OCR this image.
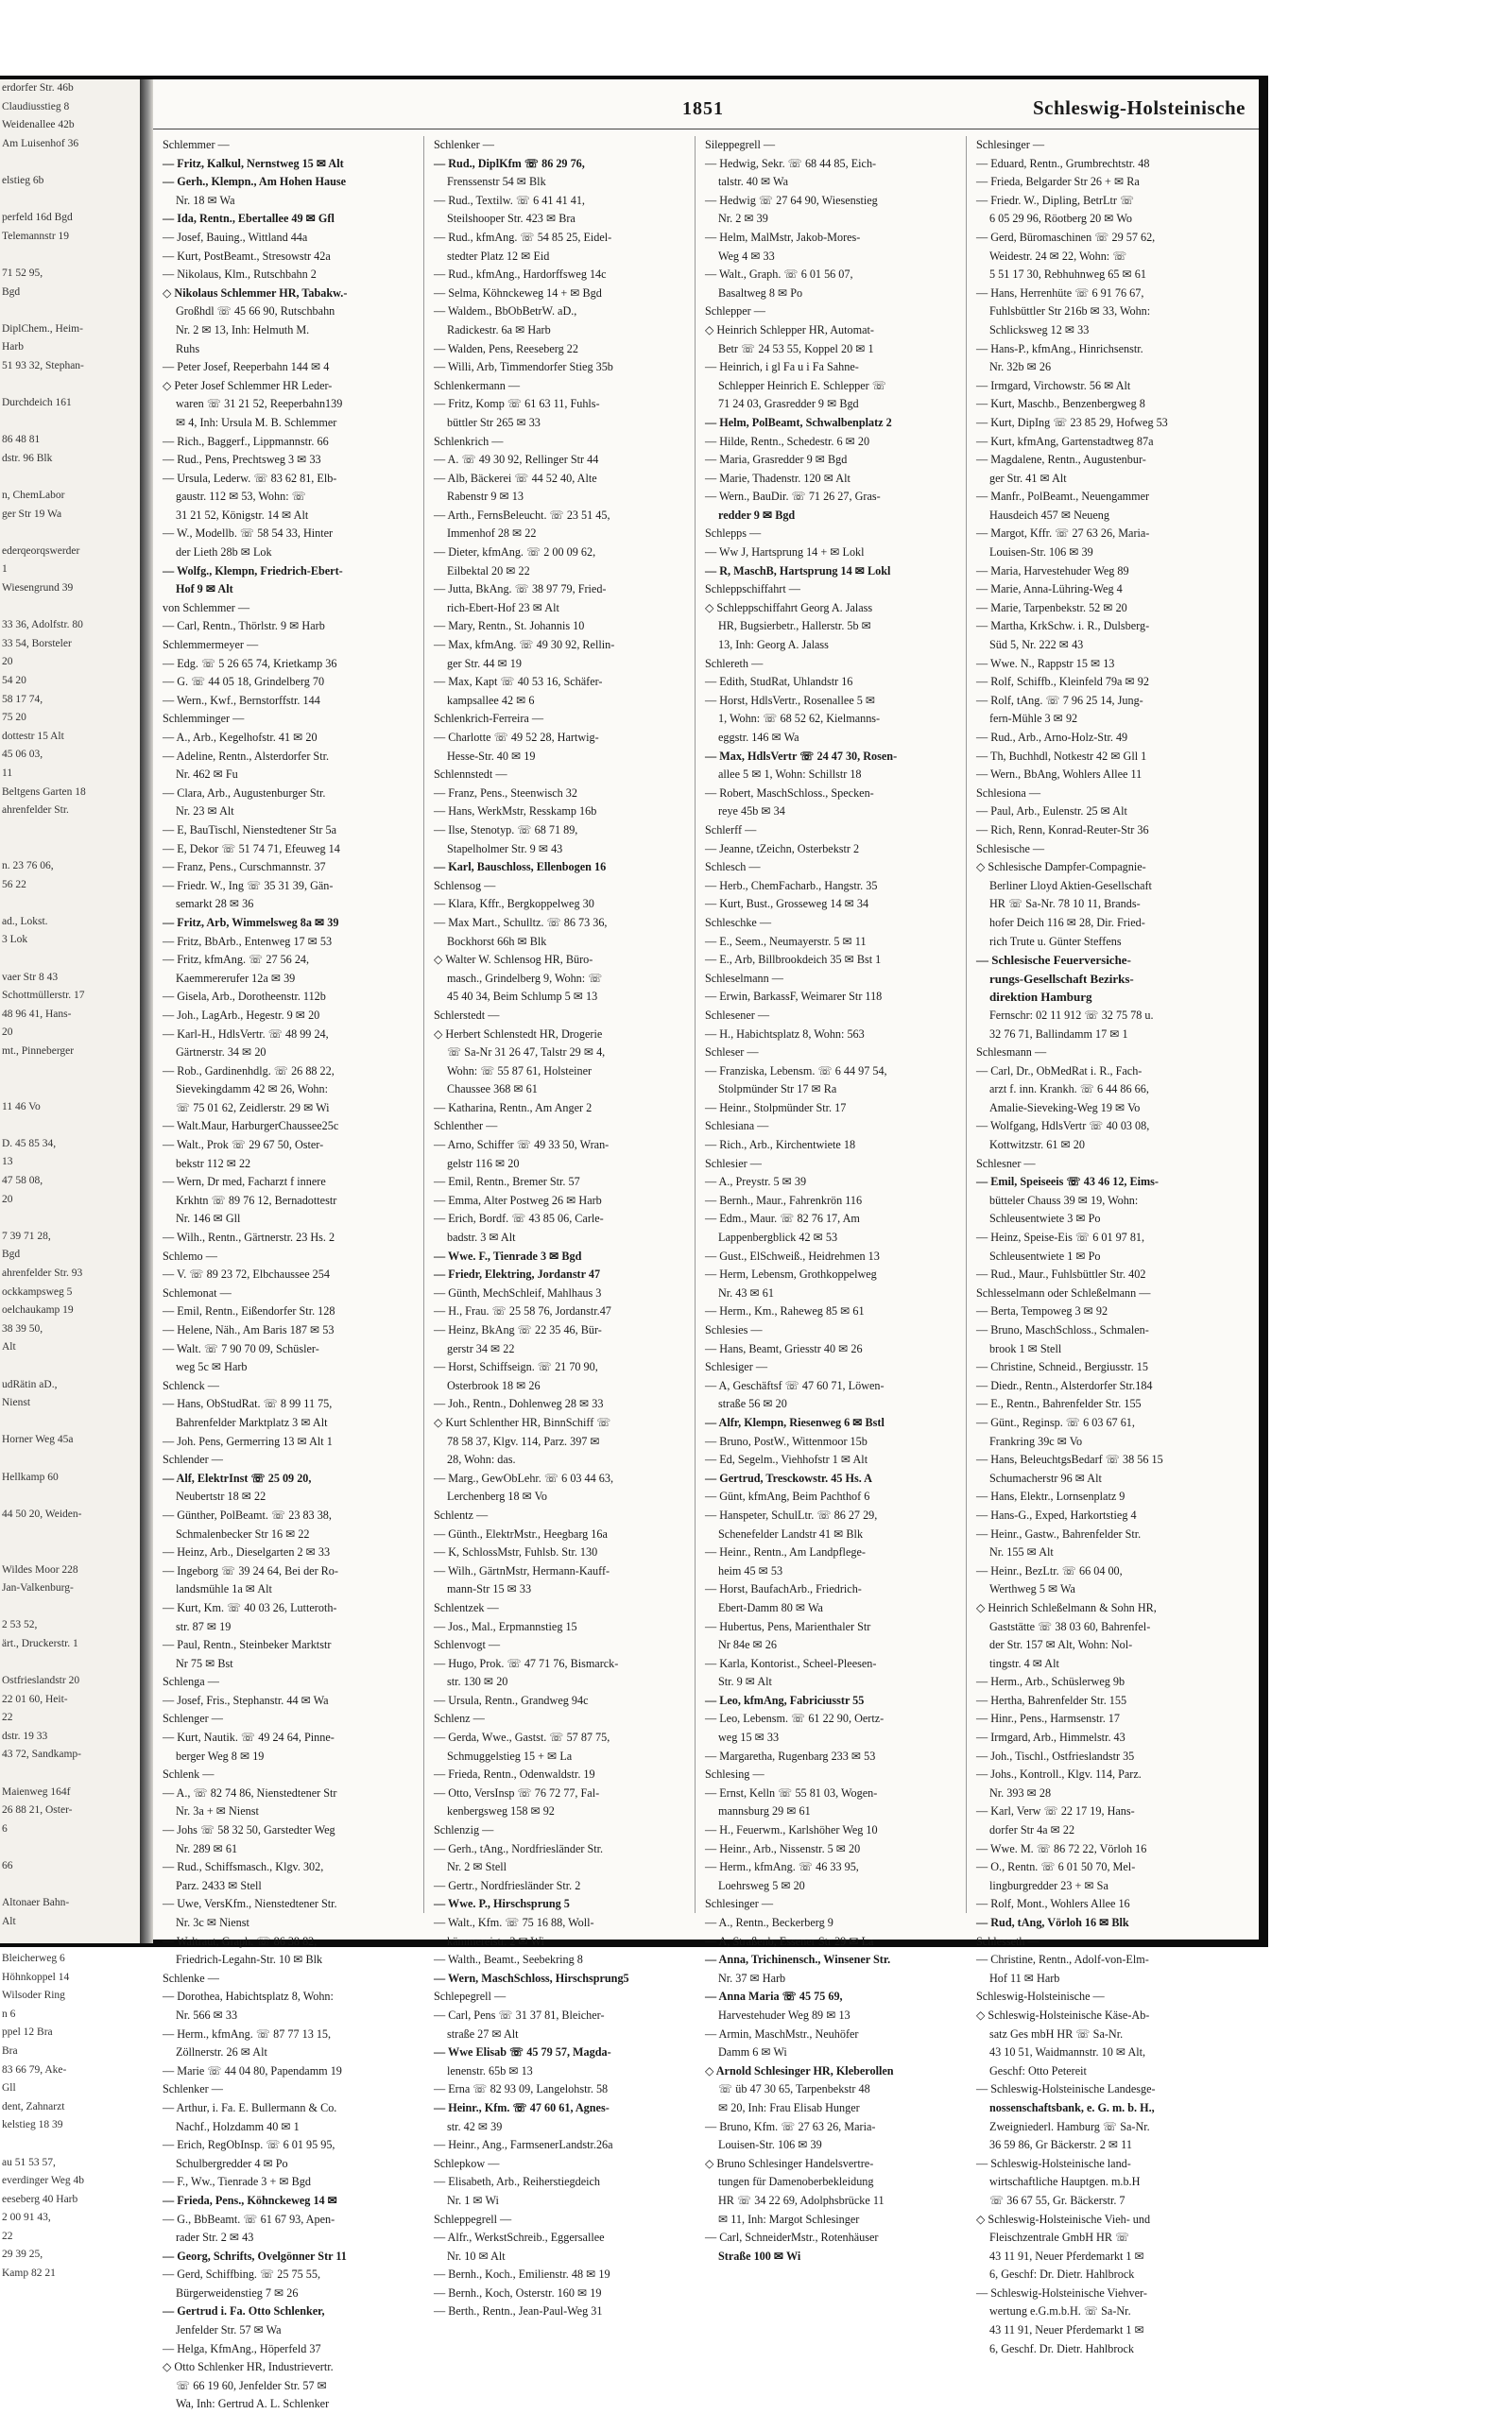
erdorfer Str. 46b
Claudiusstieg 8
Weidenallee 42b
Am Luisenhof 36

elstieg 6b

perfeld 16d Bgd
Telemannstr 19

71 52 95,
Bgd

DiplChem., Heim-
Harb
51 93 32, Stephan-

Durchdeich 161

86 48 81
dstr. 96 Blk

n, ChemLabor
ger Str 19 Wa

ederqeorqswerder
1
Wiesengrund 39

33 36, Adolfstr. 80
33 54, Borsteler
20
54 20
58 17 74,
75 20
dottestr 15 Alt
45 06 03,
11
Beltgens Garten 18
ahrenfelder Str.

n. 23 76 06,
56 22

ad., Lokst.
3 Lok

vaer Str 8 43
Schottmüllerstr. 17
48 96 41, Hans-
20
mt., Pinneberger

11 46 Vo

D. 45 85 34,
13
47 58 08,
20

7 39 71 28,
Bgd
ahrenfelder Str. 93
ockkampsweg 5
oelchaukamp 19
38 39 50,
Alt

udRätin aD.,
Nienst

Horner Weg 45a

Hellkamp 60

44 50 20, Weiden-

Wildes Moor 228
Jan-Valkenburg-

2 53 52,
ärt., Druckerstr. 1

Ostfrieslandstr 20
22 01 60, Heit-
22
dstr. 19 33
43 72, Sandkamp-

Maienweg 164f
26 88 21, Oster-
6

66

Altonaer Bahn-
Alt

Bleicherweg 6
Höhnkoppel 14
Wilsoder Ring
n 6
ppel 12 Bra
Bra
83 66 79, Ake-
Gll
dent, Zahnarzt
kelstieg 18 39

au 51 53 57,
everdinger Weg 4b
eeseberg 40 Harb
2 00 91 43,
22
29 39 25,
Kamp 82 21
1851	Schleswig-Holsteinische
Schlemmer —
— Fritz, Kalkul, Nernstweg 15 ✉ Alt
— Gerh., Klempn., Am Hohen Hause
Nr. 18 ✉ Wa
— Ida, Rentn., Ebertallee 49 ✉ Gfl
— Josef, Bauing., Wittland 44a
— Kurt, PostBeamt., Stresowstr 42a
— Nikolaus, Klm., Rutschbahn 2
◇ Nikolaus Schlemmer HR, Tabakw.-
Großhdl ☏ 45 66 90, Rutschbahn
Nr. 2 ✉ 13, Inh: Helmuth M.
Ruhs
— Peter Josef, Reeperbahn 144 ✉ 4
◇ Peter Josef Schlemmer HR Leder-
waren ☏ 31 21 52, Reeperbahn139
✉ 4, Inh: Ursula M. B. Schlemmer
— Rich., Baggerf., Lippmannstr. 66
— Rud., Pens, Prechtsweg 3 ✉ 33
— Ursula, Lederw. ☏ 83 62 81, Elb-
gaustr. 112 ✉ 53, Wohn: ☏
31 21 52, Königstr. 14 ✉ Alt
— W., Modellb. ☏ 58 54 33, Hinter
der Lieth 28b ✉ Lok
— Wolfg., Klempn, Friedrich-Ebert-
Hof 9 ✉ Alt
von Schlemmer —
— Carl, Rentn., Thörlstr. 9 ✉ Harb
Schlemmermeyer —
— Edg. ☏ 5 26 65 74, Krietkamp 36
— G. ☏ 44 05 18, Grindelberg 70
— Wern., Kwf., Bernstorffstr. 144
Schlemminger —
— A., Arb., Kegelhofstr. 41 ✉ 20
— Adeline, Rentn., Alsterdorfer Str.
Nr. 462 ✉ Fu
— Clara, Arb., Augustenburger Str.
Nr. 23 ✉ Alt
— E, BauTischl, Nienstedtener Str 5a
— E, Dekor ☏ 51 74 71, Efeuweg 14
— Franz, Pens., Curschmannstr. 37
— Friedr. W., Ing ☏ 35 31 39, Gän-
semarkt 28 ✉ 36
— Fritz, Arb, Wimmelsweg 8a ✉ 39
— Fritz, BbArb., Entenweg 17 ✉ 53
— Fritz, kfmAng. ☏ 27 56 24,
Kaemmererufer 12a ✉ 39
— Gisela, Arb., Dorotheenstr. 112b
— Joh., LagArb., Hegestr. 9 ✉ 20
— Karl-H., HdlsVertr. ☏ 48 99 24,
Gärtnerstr. 34 ✉ 20
— Rob., Gardinenhdlg. ☏ 26 88 22,
Sievekingdamm 42 ✉ 26, Wohn:
☏ 75 01 62, Zeidlerstr. 29 ✉ Wi
— Walt.Maur, HarburgerChaussee25c
— Walt., Prok ☏ 29 67 50, Oster-
bekstr 112 ✉ 22
— Wern, Dr med, Facharzt f innere
Krkhtn ☏ 89 76 12, Bernadottestr
Nr. 146 ✉ Gll
— Wilh., Rentn., Gärtnerstr. 23 Hs. 2
Schlemo —
— V. ☏ 89 23 72, Elbchaussee 254
Schlemonat —
— Emil, Rentn., Eißendorfer Str. 128
— Helene, Näh., Am Baris 187 ✉ 53
— Walt. ☏ 7 90 70 09, Schüsler-
weg 5c ✉ Harb
Schlenck —
— Hans, ObStudRat. ☏ 8 99 11 75,
Bahrenfelder Marktplatz 3 ✉ Alt
— Joh. Pens, Germerring 13 ✉ Alt 1
Schlender —
— Alf, ElektrInst ☏ 25 09 20,
Neubertstr 18 ✉ 22
— Günther, PolBeamt. ☏ 23 83 38,
Schmalenbecker Str 16 ✉ 22
— Heinz, Arb., Dieselgarten 2 ✉ 33
— Ingeborg ☏ 39 24 64, Bei der Ro-
landsmühle 1a ✉ Alt
— Kurt, Km. ☏ 40 03 26, Lutteroth-
str. 87 ✉ 19
— Paul, Rentn., Steinbeker Marktstr
Nr 75 ✉ Bst
Schlenga —
— Josef, Fris., Stephanstr. 44 ✉ Wa
Schlenger —
— Kurt, Nautik. ☏ 49 24 64, Pinne-
berger Weg 8 ✉ 19
Schlenk —
— A., ☏ 82 74 86, Nienstedtener Str
Nr. 3a + ✉ Nienst
— Johs ☏ 58 32 50, Garstedter Weg
Nr. 289 ✉ 61
— Rud., Schiffsmasch., Klgv. 302,
Parz. 2433 ✉ Stell
— Uwe, VersKfm., Nienstedtener Str.
Nr. 3c ✉ Nienst
— Waltraut, Graph. ☏ 86 38 82,
Friedrich-Legahn-Str. 10 ✉ Blk
Schlenke —
— Dorothea, Habichtsplatz 8, Wohn:
Nr. 566 ✉ 33
— Herm., kfmAng. ☏ 87 77 13 15,
Zöllnerstr. 26 ✉ Alt
— Marie ☏ 44 04 80, Papendamm 19
Schlenker —
— Arthur, i. Fa. E. Bullermann & Co.
Nachf., Holzdamm 40 ✉ 1
— Erich, RegObInsp. ☏ 6 01 95 95,
Schulbergredder 4 ✉ Po
— F., Ww., Tienrade 3 + ✉ Bgd
— Frieda, Pens., Köhnckeweg 14 ✉
— G., BbBeamt. ☏ 61 67 93, Apen-
rader Str. 2 ✉ 43
— Georg, Schrifts, Ovelgönner Str 11
— Gerd, Schiffbing. ☏ 25 75 55,
Bürgerweidenstieg 7 ✉ 26
— Gertrud i. Fa. Otto Schlenker,
Jenfelder Str. 57 ✉ Wa
— Helga, KfmAng., Höperfeld 37
◇ Otto Schlenker HR, Industrievertr.
☏ 66 19 60, Jenfelder Str. 57 ✉
Wa, Inh: Gertrud A. L. Schlenker
Schlenker —
— Rud., DiplKfm ☏ 86 29 76,
Frenssenstr 54 ✉ Blk
— Rud., Textilw. ☏ 6 41 41 41,
Steilshooper Str. 423 ✉ Bra
— Rud., kfmAng. ☏ 54 85 25, Eidel-
stedter Platz 12 ✉ Eid
— Rud., kfmAng., Hardorffsweg 14c
— Selma, Köhnckeweg 14 + ✉ Bgd
— Waldem., BbObBetrW. aD.,
Radickestr. 6a ✉ Harb
— Walden, Pens, Reeseberg 22
— Willi, Arb, Timmendorfer Stieg 35b
Schlenkermann —
— Fritz, Komp ☏ 61 63 11, Fuhls-
büttler Str 265 ✉ 33
Schlenkrich —
— A. ☏ 49 30 92, Rellinger Str 44
— Alb, Bäckerei ☏ 44 52 40, Alte
Rabenstr 9 ✉ 13
— Arth., FernsBeleucht. ☏ 23 51 45,
Immenhof 28 ✉ 22
— Dieter, kfmAng. ☏ 2 00 09 62,
Eilbektal 20 ✉ 22
— Jutta, BkAng. ☏ 38 97 79, Fried-
rich-Ebert-Hof 23 ✉ Alt
— Mary, Rentn., St. Johannis 10
— Max, kfmAng. ☏ 49 30 92, Rellin-
ger Str. 44 ✉ 19
— Max, Kapt ☏ 40 53 16, Schäfer-
kampsallee 42 ✉ 6
Schlenkrich-Ferreira —
— Charlotte ☏ 49 52 28, Hartwig-
Hesse-Str. 40 ✉ 19
Schlennstedt —
— Franz, Pens., Steenwisch 32
— Hans, WerkMstr, Resskamp 16b
— Ilse, Stenotyp. ☏ 68 71 89,
Stapelholmer Str. 9 ✉ 43
— Karl, Bauschloss, Ellenbogen 16
Schlensog —
— Klara, Kffr., Bergkoppelweg 30
— Max Mart., Schulltz. ☏ 86 73 36,
Bockhorst 66h ✉ Blk
◇ Walter W. Schlensog HR, Büro-
masch., Grindelberg 9, Wohn: ☏
45 40 34, Beim Schlump 5 ✉ 13
Schlerstedt —
◇ Herbert Schlenstedt HR, Drogerie
☏ Sa-Nr 31 26 47, Talstr 29 ✉ 4,
Wohn: ☏ 55 87 61, Holsteiner
Chaussee 368 ✉ 61
— Katharina, Rentn., Am Anger 2
Schlenther —
— Arno, Schiffer ☏ 49 33 50, Wran-
gelstr 116 ✉ 20
— Emil, Rentn., Bremer Str. 57
— Emma, Alter Postweg 26 ✉ Harb
— Erich, Bordf. ☏ 43 85 06, Carle-
badstr. 3 ✉ Alt
— Wwe. F., Tienrade 3 ✉ Bgd
— Friedr, Elektring, Jordanstr 47
— Günth, MechSchleif, Mahlhaus 3
— H., Frau. ☏ 25 58 76, Jordanstr.47
— Heinz, BkAng ☏ 22 35 46, Bür-
gerstr 34 ✉ 22
— Horst, Schiffseign. ☏ 21 70 90,
Osterbrook 18 ✉ 26
— Joh., Rentn., Dohlenweg 28 ✉ 33
◇ Kurt Schlenther HR, BinnSchiff ☏
78 58 37, Klgv. 114, Parz. 397 ✉
28, Wohn: das.
— Marg., GewObLehr. ☏ 6 03 44 63,
Lerchenberg 18 ✉ Vo
Schlentz —
— Günth., ElektrMstr., Heegbarg 16a
— K, SchlossMstr, Fuhlsb. Str. 130
— Wilh., GärtnMstr, Hermann-Kauff-
mann-Str 15 ✉ 33
Schlentzek —
— Jos., Mal., Erpmannstieg 15
Schlenvogt —
— Hugo, Prok. ☏ 47 71 76, Bismarck-
str. 130 ✉ 20
— Ursula, Rentn., Grandweg 94c
Schlenz —
— Gerda, Wwe., Gastst. ☏ 57 87 75,
Schmuggelstieg 15 + ✉ La
— Frieda, Rentn., Odenwaldstr. 19
— Otto, VersInsp ☏ 76 72 77, Fal-
kenbergsweg 158 ✉ 92
Schlenzig —
— Gerh., tAng., Nordfriesländer Str.
Nr. 2 ✉ Stell
— Gertr., Nordfriesländer Str. 2
— Wwe. P., Hirschsprung 5
— Walt., Kfm. ☏ 75 16 88, Woll-
kämmereistr. 2 ✉ Wi
— Walth., Beamt., Seebekring 8
— Wern, MaschSchloss, Hirschsprung5
Schlepegrell —
— Carl, Pens ☏ 31 37 81, Bleicher-
straße 27 ✉ Alt
— Wwe Elisab ☏ 45 79 57, Magda-
lenenstr. 65b ✉ 13
— Erna ☏ 82 93 09, Langelohstr. 58
— Heinr., Kfm. ☏ 47 60 61, Agnes-
str. 42 ✉ 39
— Heinr., Ang., FarmsenerLandstr.26a
Schlepkow —
— Elisabeth, Arb., Reiherstiegdeich
Nr. 1 ✉ Wi
Schleppegrell —
— Alfr., WerkstSchreib., Eggersallee
Nr. 10 ✉ Alt
— Bernh., Koch., Emilienstr. 48 ✉ 19
— Bernh., Koch, Osterstr. 160 ✉ 19
— Berth., Rentn., Jean-Paul-Weg 31
Sileppegrell —
— Hedwig, Sekr. ☏ 68 44 85, Eich-
talstr. 40 ✉ Wa
— Hedwig ☏ 27 64 90, Wiesenstieg
Nr. 2 ✉ 39
— Helm, MalMstr, Jakob-Mores-
Weg 4 ✉ 33
— Walt., Graph. ☏ 6 01 56 07,
Basaltweg 8 ✉ Po
Schlepper —
◇ Heinrich Schlepper HR, Automat-
Betr ☏ 24 53 55, Koppel 20 ✉ 1
— Heinrich, i gl Fa u i Fa Sahne-
Schlepper Heinrich E. Schlepper ☏
71 24 03, Grasredder 9 ✉ Bgd
— Helm, PolBeamt, Schwalbenplatz 2
— Hilde, Rentn., Schedestr. 6 ✉ 20
— Maria, Grasredder 9 ✉ Bgd
— Marie, Thadenstr. 120 ✉ Alt
— Wern., BauDir. ☏ 71 26 27, Gras-
redder 9 ✉ Bgd
Schlepps —
— Ww J, Hartsprung 14 + ✉ Lokl
— R, MaschB, Hartsprung 14 ✉ Lokl
Schleppschiffahrt —
◇ Schleppschiffahrt Georg A. Jalass
HR, Bugsierbetr., Hallerstr. 5b ✉
13, Inh: Georg A. Jalass
Schlereth —
— Edith, StudRat, Uhlandstr 16
— Horst, HdlsVertr., Rosenallee 5 ✉
1, Wohn: ☏ 68 52 62, Kielmanns-
eggstr. 146 ✉ Wa
— Max, HdlsVertr ☏ 24 47 30, Rosen-
allee 5 ✉ 1, Wohn: Schillstr 18
— Robert, MaschSchloss., Specken-
reye 45b ✉ 34
Schlerff —
— Jeanne, tZeichn, Osterbekstr 2
Schlesch —
— Herb., ChemFacharb., Hangstr. 35
— Kurt, Bust., Grosseweg 14 ✉ 34
Schleschke —
— E., Seem., Neumayerstr. 5 ✉ 11
— E., Arb, Billbrookdeich 35 ✉ Bst 1
Schleselmann —
— Erwin, BarkassF, Weimarer Str 118
Schlesener —
— H., Habichtsplatz 8, Wohn: 563
Schleser —
— Franziska, Lebensm. ☏ 6 44 97 54,
Stolpmünder Str 17 ✉ Ra
— Heinr., Stolpmünder Str. 17
Schlesiana —
— Rich., Arb., Kirchentwiete 18
Schlesier —
— A., Preystr. 5 ✉ 39
— Bernh., Maur., Fahrenkrön 116
— Edm., Maur. ☏ 82 76 17, Am
Lappenbergblick 42 ✉ 53
— Gust., ElSchweiß., Heidrehmen 13
— Herm, Lebensm, Grothkoppelweg
Nr. 43 ✉ 61
— Herm., Km., Raheweg 85 ✉ 61
Schlesies —
— Hans, Beamt, Griesstr 40 ✉ 26
Schlesiger —
— A, Geschäftsf ☏ 47 60 71, Löwen-
straße 56 ✉ 20
— Alfr, Klempn, Riesenweg 6 ✉ Bstl
— Bruno, PostW., Wittenmoor 15b
— Ed, Segelm., Viehhofstr 1 ✉ Alt
— Gertrud, Tresckowstr. 45 Hs. A
— Günt, kfmAng, Beim Pachthof 6
— Hanspeter, SchulLtr. ☏ 86 27 29,
Schenefelder Landstr 41 ✉ Blk
— Heinr., Rentn., Am Landpflege-
heim 45 ✉ 53
— Horst, BaufachArb., Friedrich-
Ebert-Damm 80 ✉ Wa
— Hubertus, Pens, Marienthaler Str
Nr 84e ✉ 26
— Karla, Kontorist., Scheel-Pleesen-
Str. 9 ✉ Alt
— Leo, kfmAng, Fabriciusstr 55
— Leo, Lebensm. ☏ 61 22 90, Oertz-
weg 15 ✉ 33
— Margaretha, Rugenbarg 233 ✉ 53
Schlesing —
— Ernst, Kelln ☏ 55 81 03, Wogen-
mannsburg 29 ✉ 61
— H., Feuerwm., Karlshöher Weg 10
— Heinr., Arb., Nissenstr. 5 ✉ 20
— Herm., kfmAng. ☏ 46 33 95,
Loehrsweg 5 ✉ 20
Schlesinger —
— A., Rentn., Beckerberg 9
— A, Straßenb, Essener Str 29 ✉ La
— Anna, Trichinensch., Winsener Str.
Nr. 37 ✉ Harb
— Anna Maria ☏ 45 75 69,
Harvestehuder Weg 89 ✉ 13
— Armin, MaschMstr., Neuhöfer
Damm 6 ✉ Wi
◇ Arnold Schlesinger HR, Kleberollen
☏ üb 47 30 65, Tarpenbekstr 48
✉ 20, Inh: Frau Elisab Hunger
— Bruno, Kfm. ☏ 27 63 26, Maria-
Louisen-Str. 106 ✉ 39
◇ Bruno Schlesinger Handelsvertre-
tungen für Damenoberbekleidung
HR ☏ 34 22 69, Adolphsbrücke 11
✉ 11, Inh: Margot Schlesinger
— Carl, SchneiderMstr., Rotenhäuser
Straße 100 ✉ Wi
Schlesinger —
— Eduard, Rentn., Grumbrechtstr. 48
— Frieda, Belgarder Str 26 + ✉ Ra
— Friedr. W., Dipling, BetrLtr ☏
6 05 29 96, Röotberg 20 ✉ Wo
— Gerd, Büromaschinen ☏ 29 57 62,
Weidestr. 24 ✉ 22, Wohn: ☏
5 51 17 30, Rebhuhnweg 65 ✉ 61
— Hans, Herrenhüte ☏ 6 91 76 67,
Fuhlsbüttler Str 216b ✉ 33, Wohn:
Schlicksweg 12 ✉ 33
— Hans-P., kfmAng., Hinrichsenstr.
Nr. 32b ✉ 26
— Irmgard, Virchowstr. 56 ✉ Alt
— Kurt, Maschb., Benzenbergweg 8
— Kurt, DipIng ☏ 23 85 29, Hofweg 53
— Kurt, kfmAng, Gartenstadtweg 87a
— Magdalene, Rentn., Augustenbur-
ger Str. 41 ✉ Alt
— Manfr., PolBeamt., Neuengammer
Hausdeich 457 ✉ Neueng
— Margot, Kffr. ☏ 27 63 26, Maria-
Louisen-Str. 106 ✉ 39
— Maria, Harvestehuder Weg 89
— Marie, Anna-Lühring-Weg 4
— Marie, Tarpenbekstr. 52 ✉ 20
— Martha, KrkSchw. i. R., Dulsberg-
Süd 5, Nr. 222 ✉ 43
— Wwe. N., Rappstr 15 ✉ 13
— Rolf, Schiffb., Kleinfeld 79a ✉ 92
— Rolf, tAng. ☏ 7 96 25 14, Jung-
fern-Mühle 3 ✉ 92
— Rud., Arb., Arno-Holz-Str. 49
— Th, Buchhdl, Notkestr 42 ✉ Gll 1
— Wern., BbAng, Wohlers Allee 11
Schlesiona —
— Paul, Arb., Eulenstr. 25 ✉ Alt
— Rich, Renn, Konrad-Reuter-Str 36
Schlesische —
◇ Schlesische Dampfer-Compagnie-
Berliner Lloyd Aktien-Gesellschaft
HR ☏ Sa-Nr. 78 10 11, Brands-
hofer Deich 116 ✉ 28, Dir. Fried-
rich Trute u. Günter Steffens
— Schlesische Feuerversiche-
rungs-Gesellschaft Bezirks-
direktion Hamburg
Fernschr: 02 11 912 ☏ 32 75 78 u.
32 76 71, Ballindamm 17 ✉ 1
Schlesmann —
— Carl, Dr., ObMedRat i. R., Fach-
arzt f. inn. Krankh. ☏ 6 44 86 66,
Amalie-Sieveking-Weg 19 ✉ Vo
— Wolfgang, HdlsVertr ☏ 40 03 08,
Kottwitzstr. 61 ✉ 20
Schlesner —
— Emil, Speiseeis ☏ 43 46 12, Eims-
bütteler Chauss 39 ✉ 19, Wohn:
Schleusentwiete 3 ✉ Po
— Heinz, Speise-Eis ☏ 6 01 97 81,
Schleusentwiete 1 ✉ Po
— Rud., Maur., Fuhlsbüttler Str. 402
Schlesselmann oder Schleßelmann —
— Berta, Tempoweg 3 ✉ 92
— Bruno, MaschSchloss., Schmalen-
brook 1 ✉ Stell
— Christine, Schneid., Bergiusstr. 15
— Diedr., Rentn., Alsterdorfer Str.184
— E., Rentn., Bahrenfelder Str. 155
— Günt., Reginsp. ☏ 6 03 67 61,
Frankring 39c ✉ Vo
— Hans, BeleuchtgsBedarf ☏ 38 56 15
Schumacherstr 96 ✉ Alt
— Hans, Elektr., Lornsenplatz 9
— Hans-G., Exped, Harkortstieg 4
— Heinr., Gastw., Bahrenfelder Str.
Nr. 155 ✉ Alt
— Heinr., BezLtr. ☏ 66 04 00,
Werthweg 5 ✉ Wa
◇ Heinrich Schleßelmann & Sohn HR,
Gaststätte ☏ 38 03 60, Bahrenfel-
der Str. 157 ✉ Alt, Wohn: Nol-
tingstr. 4 ✉ Alt
— Herm., Arb., Schüslerweg 9b
— Hertha, Bahrenfelder Str. 155
— Hinr., Pens., Harmsenstr. 17
— Irmgard, Arb., Himmelstr. 43
— Joh., Tischl., Ostfrieslandstr 35
— Johs., Kontroll., Klgv. 114, Parz.
Nr. 393 ✉ 28
— Karl, Verw ☏ 22 17 19, Hans-
dorfer Str 4a ✉ 22
— Wwe. M. ☏ 86 72 22, Vörloh 16
— O., Rentn. ☏ 6 01 50 70, Mel-
lingburgredder 23 + ✉ Sa
— Rolf, Mont., Wohlers Allee 16
— Rud, tAng, Vörloh 16 ✉ Blk
Schlesseth —
— Christine, Rentn., Adolf-von-Elm-
Hof 11 ✉ Harb
Schleswig-Holsteinische —
◇ Schleswig-Holsteinische Käse-Ab-
satz Ges mbH HR ☏ Sa-Nr.
43 10 51, Waidmannstr. 10 ✉ Alt,
Geschf: Otto Petereit
— Schleswig-Holsteinische Landesge-
nossenschaftsbank, e. G. m. b. H.,
Zweigniederl. Hamburg ☏ Sa-Nr.
36 59 86, Gr Bäckerstr. 2 ✉ 11
— Schleswig-Holsteinische land-
wirtschaftliche Hauptgen. m.b.H
☏ 36 67 55, Gr. Bäckerstr. 7
◇ Schleswig-Holsteinische Vieh- und
Fleischzentrale GmbH HR ☏
43 11 91, Neuer Pferdemarkt 1 ✉
6, Geschf: Dr. Dietr. Hahlbrock
— Schleswig-Holsteinische Viehver-
wertung e.G.m.b.H. ☏ Sa-Nr.
43 11 91, Neuer Pferdemarkt 1 ✉
6, Geschf. Dr. Dietr. Hahlbrock
